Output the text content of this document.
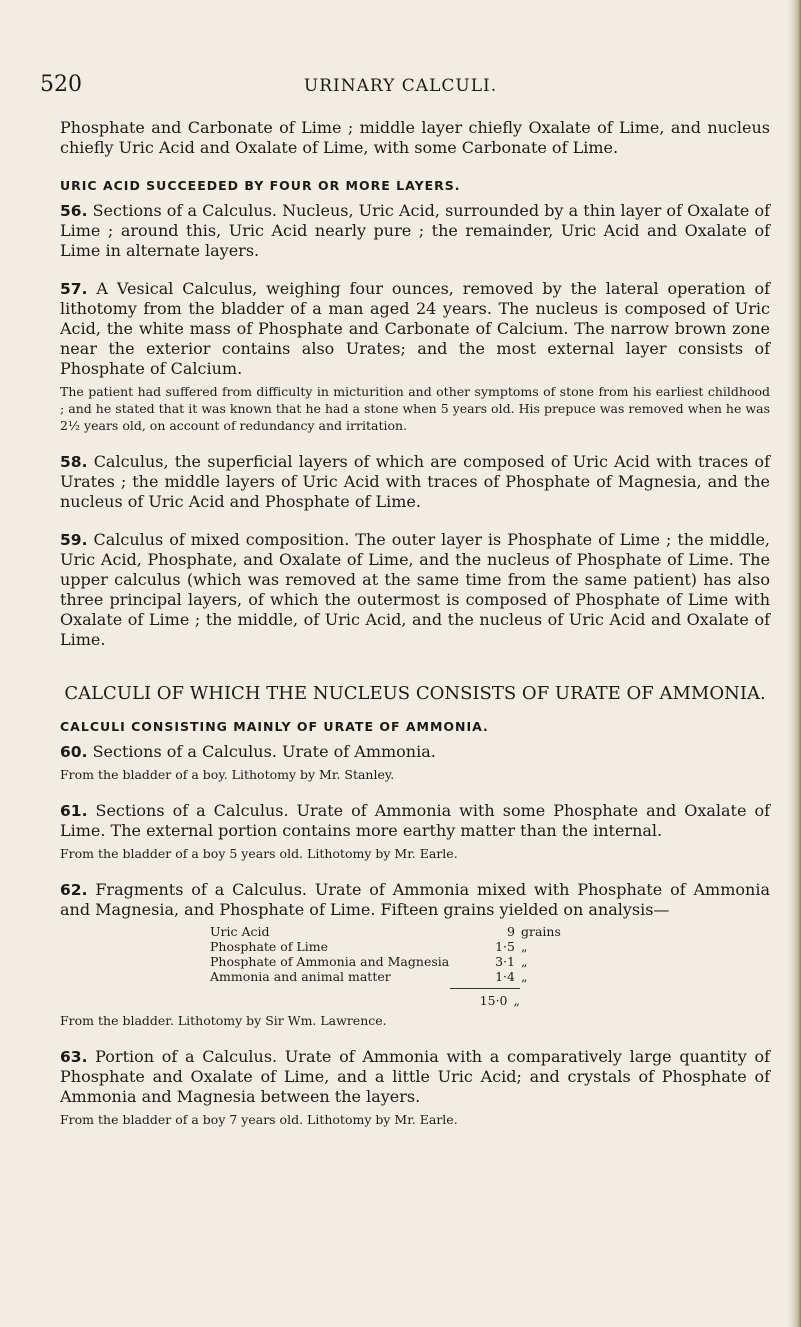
520	URINARY CALCULI.

Phosphate and Carbonate of Lime ; middle layer chiefly Oxalate of Lime, and nucleus chiefly Uric Acid and Oxalate of Lime, with some Carbonate of Lime.

URIC ACID SUCCEEDED BY FOUR OR MORE LAYERS.

56. Sections of a Calculus. Nucleus, Uric Acid, surrounded by a thin layer of Oxalate of Lime ; around this, Uric Acid nearly pure ; the remainder, Uric Acid and Oxalate of Lime in alternate layers.

57. A Vesical Calculus, weighing four ounces, removed by the lateral operation of lithotomy from the bladder of a man aged 24 years. The nucleus is composed of Uric Acid, the white mass of Phosphate and Carbonate of Calcium. The narrow brown zone near the exterior contains also Urates; and the most external layer consists of Phosphate of Calcium.

The patient had suffered from difficulty in micturition and other symptoms of stone from his earliest childhood ; and he stated that it was known that he had a stone when 5 years old. His prepuce was removed when he was 2½ years old, on account of redundancy and irritation.

58. Calculus, the superficial layers of which are composed of Uric Acid with traces of Urates ; the middle layers of Uric Acid with traces of Phosphate of Magnesia, and the nucleus of Uric Acid and Phosphate of Lime.

59. Calculus of mixed composition. The outer layer is Phosphate of Lime ; the middle, Uric Acid, Phosphate, and Oxalate of Lime, and the nucleus of Phosphate of Lime. The upper calculus (which was removed at the same time from the same patient) has also three principal layers, of which the outermost is composed of Phosphate of Lime with Oxalate of Lime ; the middle, of Uric Acid, and the nucleus of Uric Acid and Oxalate of Lime.

CALCULI OF WHICH THE NUCLEUS CONSISTS OF URATE OF AMMONIA.
CALCULI CONSISTING MAINLY OF URATE OF AMMONIA.

60. Sections of a Calculus. Urate of Ammonia.

From the bladder of a boy. Lithotomy by Mr. Stanley.

61. Sections of a Calculus. Urate of Ammonia with some Phosphate and Oxalate of Lime. The external portion contains more earthy matter than the internal.

From the bladder of a boy 5 years old. Lithotomy by Mr. Earle.

62. Fragments of a Calculus. Urate of Ammonia mixed with Phosphate of Ammonia and Magnesia, and Phosphate of Lime. Fifteen grains yielded on analysis—

Uric Acid	9 grains
Phosphate of Lime	1·5 „
Phosphate of Ammonia and Magnesia	3·1 „
Ammonia and animal matter	1·4 „
15·0 „

From the bladder. Lithotomy by Sir Wm. Lawrence.

63. Portion of a Calculus. Urate of Ammonia with a comparatively large quantity of Phosphate and Oxalate of Lime, and a little Uric Acid; and crystals of Phosphate of Ammonia and Magnesia between the layers.

From the bladder of a boy 7 years old. Lithotomy by Mr. Earle.
